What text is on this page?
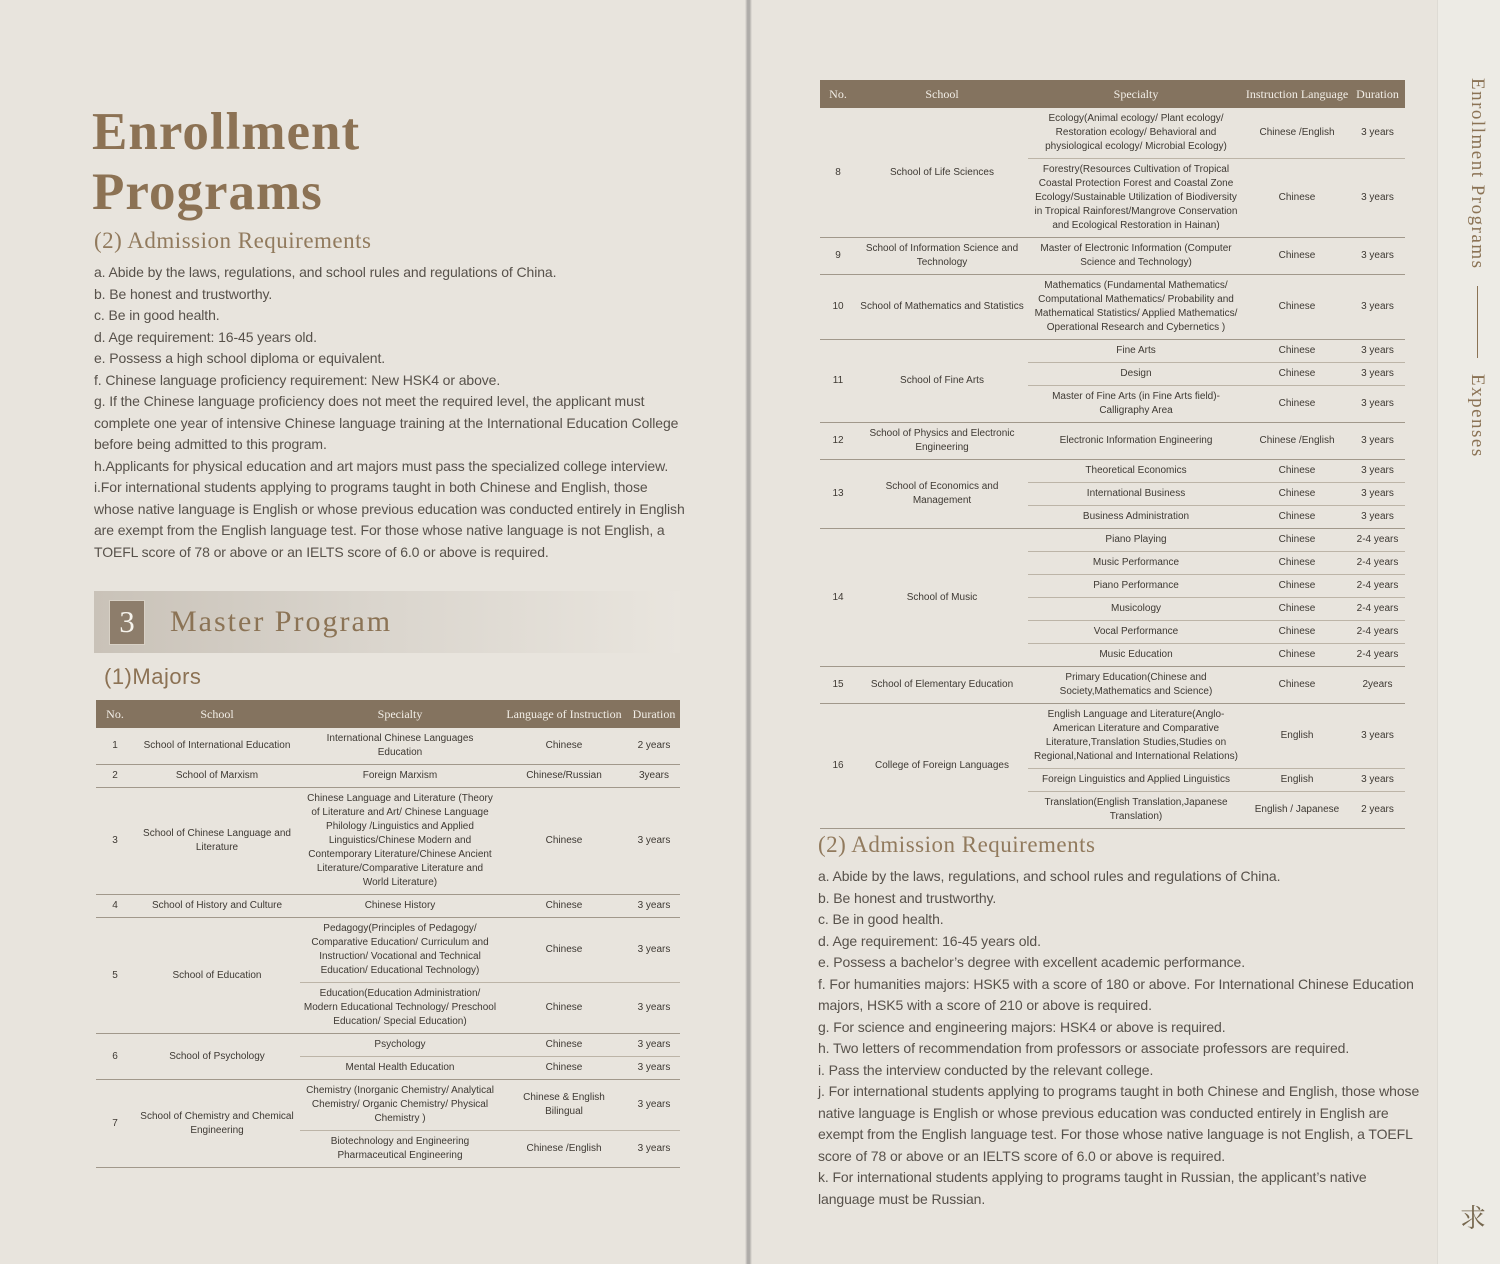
Enrollment Programs
Expenses
求
Enrollment
Programs
(2) Admission Requirements

a. Abide by the laws, regulations, and school rules and regulations of China.

b. Be honest and trustworthy.

c. Be in good health.

d. Age requirement: 16-45 years old.

e. Possess a high school diploma or equivalent.

f. Chinese language proficiency requirement: New HSK4 or above.

g. If the Chinese language proficiency does not meet the required level, the applicant must complete one year of intensive Chinese language training at the International Education College before being admitted to this program.

h.Applicants for physical education and art majors must pass the specialized college interview.

i.For international students applying to programs taught in both Chinese and English, those whose native language is English or whose previous education was conducted entirely in English are exempt from the English language test. For those whose native language is not English, a TOEFL score of 78 or above or an IELTS score of 6.0 or above is required.

3	Master Program
(1)Majors
No.	School	Specialty	Language of Instruction	Duration
1	School of International Education	International Chinese Languages Education	Chinese	2 years
2	School of Marxism	Foreign Marxism	Chinese/Russian	3years
3	School of Chinese Language and Literature	Chinese Language and Literature (Theory of Literature and Art/ Chinese Language Philology /Linguistics and Applied Linguistics/Chinese Modern and Contemporary Literature/Chinese Ancient Literature/Comparative Literature and World Literature)	Chinese	3 years
4	School of History and Culture	Chinese History	Chinese	3 years
5	School of Education	Pedagogy(Principles of Pedagogy/ Comparative Education/ Curriculum and Instruction/ Vocational and Technical Education/ Educational Technology)	Chinese	3 years
		Education(Education Administration/ Modern Educational Technology/ Preschool Education/ Special Education)	Chinese	3 years
6	School of Psychology	Psychology	Chinese	3 years
		Mental Health Education	Chinese	3 years
7	School of Chemistry and Chemical Engineering	Chemistry (Inorganic Chemistry/ Analytical Chemistry/ Organic Chemistry/ Physical Chemistry )	Chinese & English Bilingual	3 years
		Biotechnology and Engineering Pharmaceutical Engineering	Chinese /English	3 years
No.	School	Specialty	Instruction Language	Duration
8	School of Life Sciences	Ecology(Animal ecology/ Plant ecology/ Restoration ecology/ Behavioral and physiological ecology/ Microbial Ecology)	Chinese /English	3 years
		Forestry(Resources Cultivation of Tropical Coastal Protection Forest and Coastal Zone Ecology/Sustainable Utilization of Biodiversity in Tropical Rainforest/Mangrove Conservation and Ecological Restoration in Hainan)	Chinese	3 years
9	School of Information Science and Technology	Master of Electronic Information (Computer Science and Technology)	Chinese	3 years
10	School of Mathematics and Statistics	Mathematics (Fundamental Mathematics/ Computational Mathematics/ Probability and Mathematical Statistics/ Applied Mathematics/ Operational Research and Cybernetics )	Chinese	3 years
11	School of Fine Arts	Fine Arts	Chinese	3 years
		Design	Chinese	3 years
		Master of Fine Arts (in Fine Arts field)- Calligraphy Area	Chinese	3 years
12	School of Physics and Electronic Engineering	Electronic Information Engineering	Chinese /English	3 years
13	School of Economics and Management	Theoretical Economics	Chinese	3 years
		International Business	Chinese	3 years
		Business Administration	Chinese	3 years
14	School of Music	Piano Playing	Chinese	2-4 years
		Music Performance	Chinese	2-4 years
		Piano Performance	Chinese	2-4 years
		Musicology	Chinese	2-4 years
		Vocal Performance	Chinese	2-4 years
		Music Education	Chinese	2-4 years
15	School of Elementary Education	Primary Education(Chinese and Society,Mathematics and Science)	Chinese	2years
16	College of Foreign Languages	English Language and Literature(Anglo-American Literature and Comparative Literature,Translation Studies,Studies on Regional,National and International Relations)	English	3 years
		Foreign Linguistics and Applied Linguistics	English	3 years
		Translation(English Translation,Japanese Translation)	English / Japanese	2 years
(2) Admission Requirements

a. Abide by the laws, regulations, and school rules and regulations of China.

b. Be honest and trustworthy.

c. Be in good health.

d. Age requirement: 16-45 years old.

e. Possess a bachelor’s degree with excellent academic performance.

f. For humanities majors: HSK5 with a score of 180 or above. For International Chinese Education majors, HSK5 with a score of 210 or above is required.

g. For science and engineering majors: HSK4 or above is required.

h. Two letters of recommendation from professors or associate professors are required.

i. Pass the interview conducted by the relevant college.

j. For international students applying to programs taught in both Chinese and English, those whose native language is English or whose previous education was conducted entirely in English are exempt from the English language test. For those whose native language is not English, a TOEFL score of 78 or above or an IELTS score of 6.0 or above is required.

k. For international students applying to programs taught in Russian, the applicant’s native language must be Russian.
